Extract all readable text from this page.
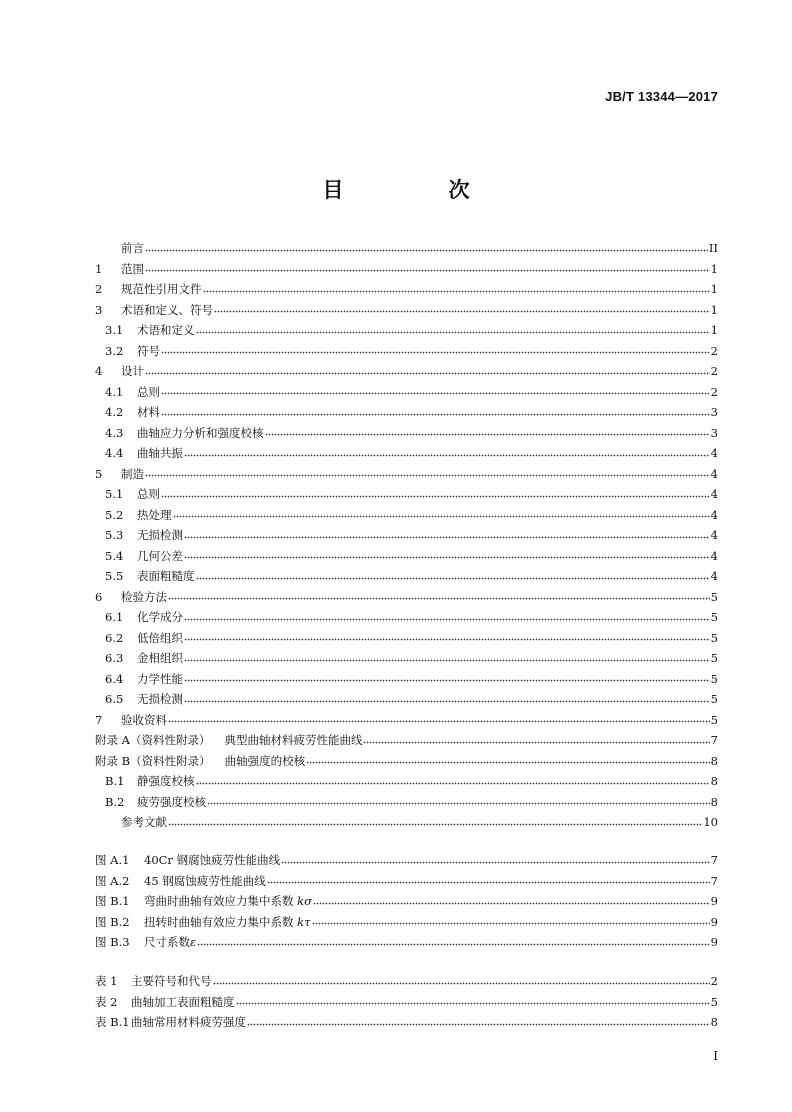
JB/T 13344—2017
目　次
前言	II
1	范围	1
2	规范性引用文件	1
3	术语和定义、符号	1
3.1	术语和定义	1
3.2	符号	2
4	设计	2
4.1	总则	2
4.2	材料	3
4.3	曲轴应力分析和强度校核	3
4.4	曲轴共振	4
5	制造	4
5.1	总则	4
5.2	热处理	4
5.3	无损检测	4
5.4	几何公差	4
5.5	表面粗糙度	4
6	检验方法	5
6.1	化学成分	5
6.2	低倍组织	5
6.3	金相组织	5
6.4	力学性能	5
6.5	无损检测	5
7	验收资料	5
附录 A（资料性附录） 典型曲轴材料疲劳性能曲线	7
附录 B（资料性附录） 曲轴强度的校核	8
B.1	静强度校核	8
B.2	疲劳强度校核	8
参考文献	10
图 A.1	40Cr 钢腐蚀疲劳性能曲线	7
图 A.2	45 钢腐蚀疲劳性能曲线	7
图 B.1	弯曲时曲轴有效应力集中系数 kσ	9
图 B.2	扭转时曲轴有效应力集中系数 kτ	9
图 B.3	尺寸系数ε	9
表 1	主要符号和代号	2
表 2	曲轴加工表面粗糙度	5
表 B.1 曲轴常用材料疲劳强度	8
I
